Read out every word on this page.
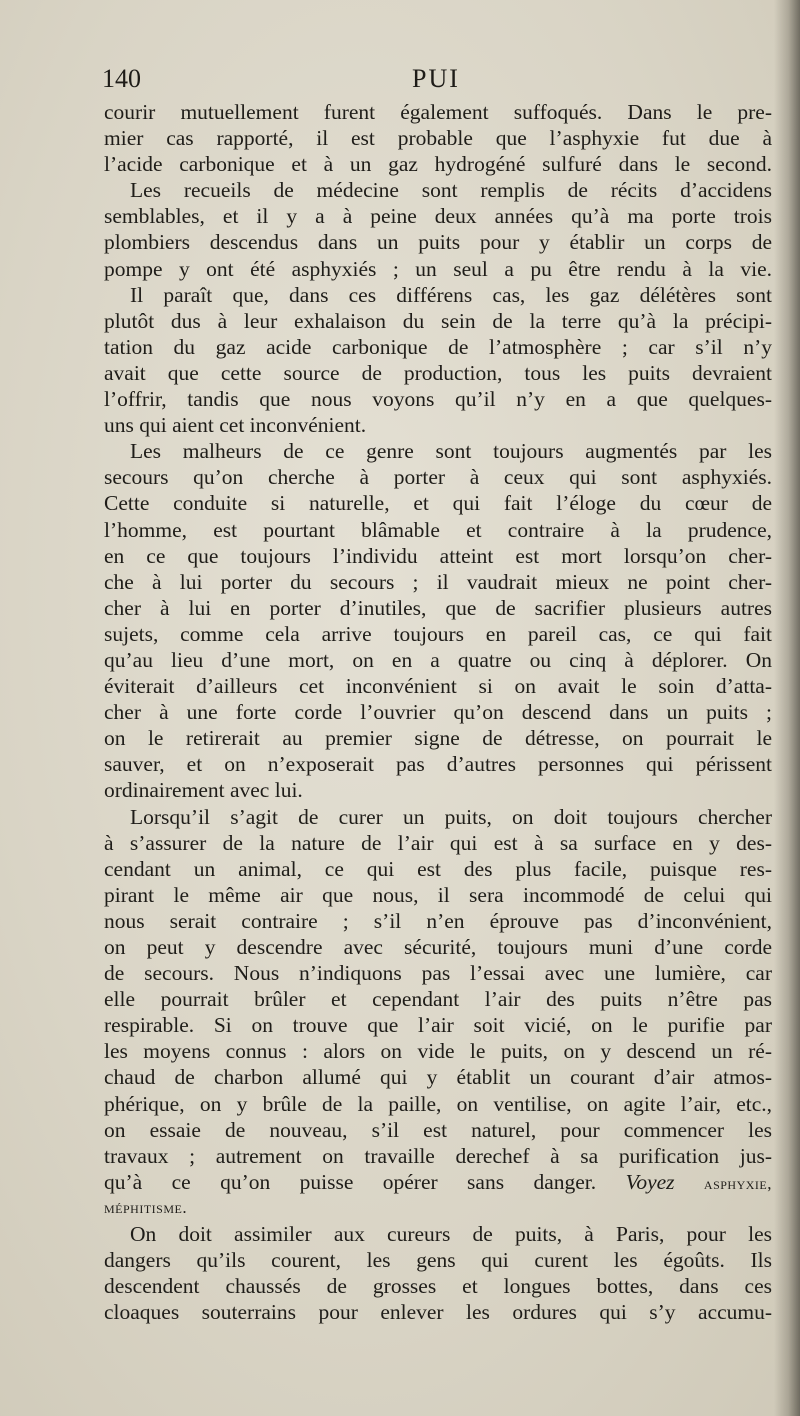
140	PUI
courir mutuellement furent également suffoqués. Dans le pre-
mier cas rapporté, il est probable que l’asphyxie fut due à
l’acide carbonique et à un gaz hydrogéné sulfuré dans le second.
Les recueils de médecine sont remplis de récits d’accidens
semblables, et il y a à peine deux années qu’à ma porte trois
plombiers descendus dans un puits pour y établir un corps de
pompe y ont été asphyxiés ; un seul a pu être rendu à la vie.
Il paraît que, dans ces différens cas, les gaz délétères sont
plutôt dus à leur exhalaison du sein de la terre qu’à la précipi-
tation du gaz acide carbonique de l’atmosphère ; car s’il n’y
avait que cette source de production, tous les puits devraient
l’offrir, tandis que nous voyons qu’il n’y en a que quelques-
uns qui aient cet inconvénient.
Les malheurs de ce genre sont toujours augmentés par les
secours qu’on cherche à porter à ceux qui sont asphyxiés.
Cette conduite si naturelle, et qui fait l’éloge du cœur de
l’homme, est pourtant blâmable et contraire à la prudence,
en ce que toujours l’individu atteint est mort lorsqu’on cher-
che à lui porter du secours ; il vaudrait mieux ne point cher-
cher à lui en porter d’inutiles, que de sacrifier plusieurs autres
sujets, comme cela arrive toujours en pareil cas, ce qui fait
qu’au lieu d’une mort, on en a quatre ou cinq à déplorer. On
éviterait d’ailleurs cet inconvénient si on avait le soin d’atta-
cher à une forte corde l’ouvrier qu’on descend dans un puits ;
on le retirerait au premier signe de détresse, on pourrait le
sauver, et on n’exposerait pas d’autres personnes qui périssent
ordinairement avec lui.
Lorsqu’il s’agit de curer un puits, on doit toujours chercher
à s’assurer de la nature de l’air qui est à sa surface en y des-
cendant un animal, ce qui est des plus facile, puisque res-
pirant le même air que nous, il sera incommodé de celui qui
nous serait contraire ; s’il n’en éprouve pas d’inconvénient,
on peut y descendre avec sécurité, toujours muni d’une corde
de secours. Nous n’indiquons pas l’essai avec une lumière, car
elle pourrait brûler et cependant l’air des puits n’être pas
respirable. Si on trouve que l’air soit vicié, on le purifie par
les moyens connus : alors on vide le puits, on y descend un ré-
chaud de charbon allumé qui y établit un courant d’air atmos-
phérique, on y brûle de la paille, on ventilise, on agite l’air, etc.,
on essaie de nouveau, s’il est naturel, pour commencer les
travaux ; autrement on travaille derechef à sa purification jus-
qu’à ce qu’on puisse opérer sans danger. Voyez asphyxie,
méphitisme.
On doit assimiler aux cureurs de puits, à Paris, pour les
dangers qu’ils courent, les gens qui curent les égoûts. Ils
descendent chaussés de grosses et longues bottes, dans ces
cloaques souterrains pour enlever les ordures qui s’y accumu-
